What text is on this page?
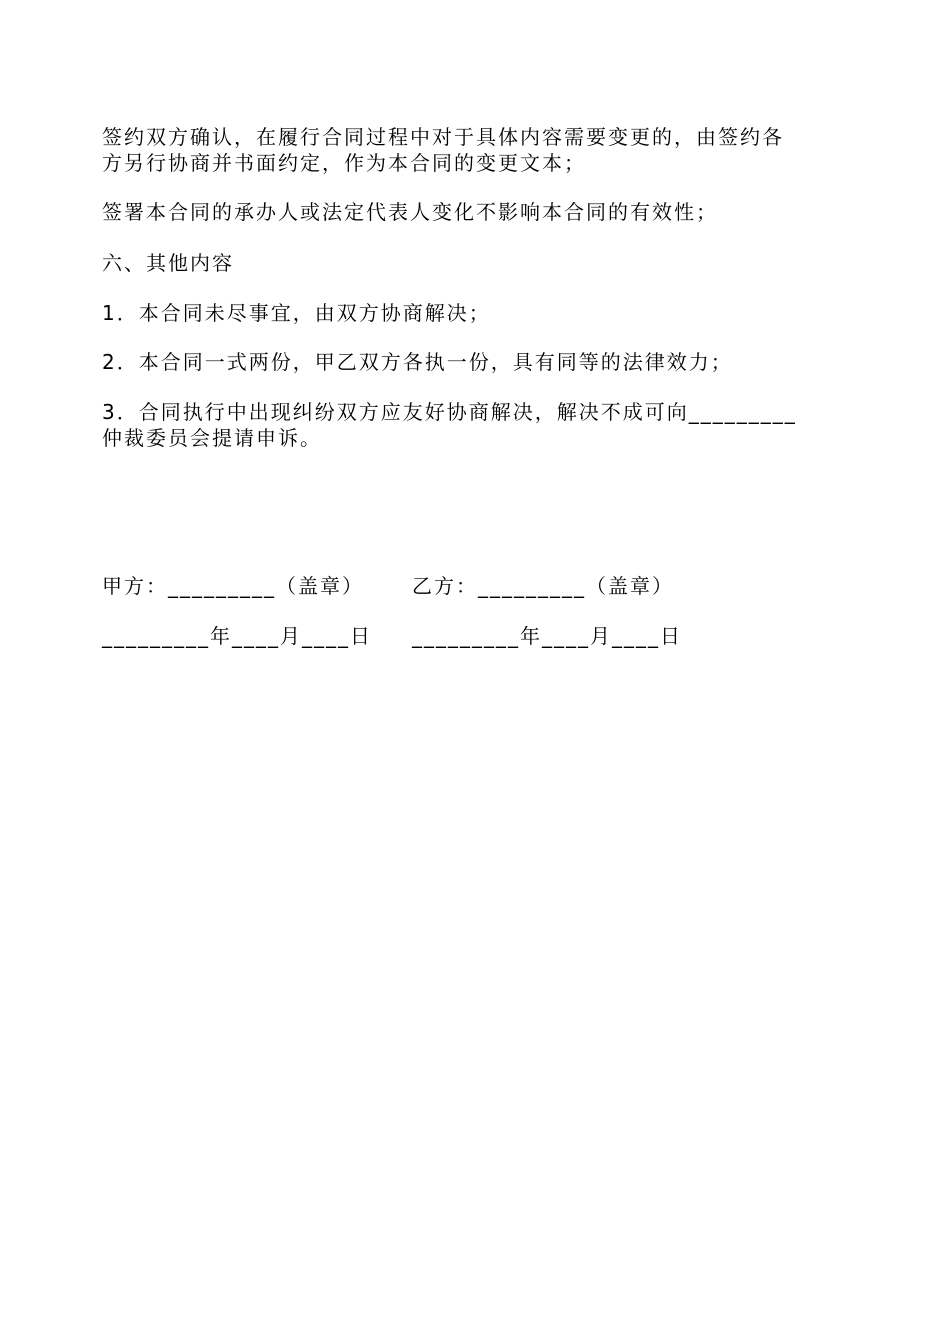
签约双方确认，在履行合同过程中对于具体内容需要变更的，由签约各
方另行协商并书面约定，作为本合同的变更文本；
签署本合同的承办人或法定代表人变化不影响本合同的有效性；
六、其他内容
1．本合同未尽事宜，由双方协商解决；
2．本合同一式两份，甲乙双方各执一份，具有同等的法律效力；
3．合同执行中出现纠纷双方应友好协商解决，解决不成可向_________
仲裁委员会提请申诉。
甲方：_________（盖章） 乙方：_________（盖章）
_________年____月____日 _________年____月____日
